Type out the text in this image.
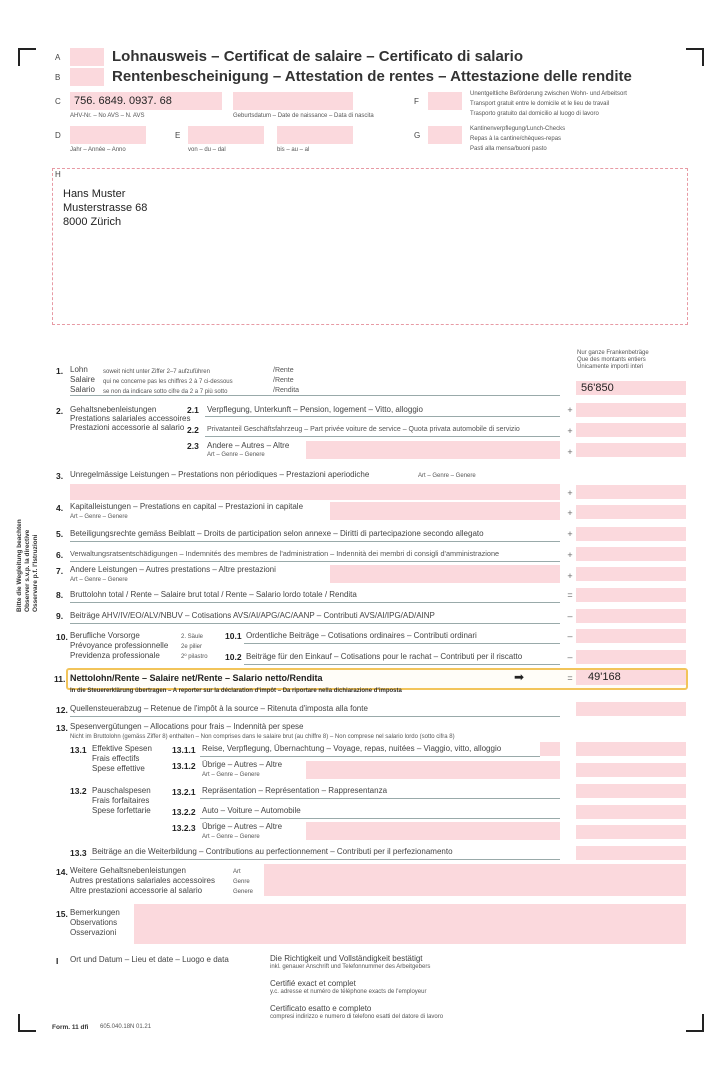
A	Lohnausweis – Certificat de salaire – Certificato di salario
B	Rentenbescheinigung – Attestation de rentes – Attestazione delle rendite
C 756. 6849. 0937. 68
AHV-Nr. – No AVS – N. AVS	Geburtsdatum – Date de naissance – Data di nascita
F
Unentgeltliche Beförderung zwischen Wohn- und Arbeitsort
Transport gratuit entre le domicile et le lieu de travail
Trasporto gratuito dal domicilio al luogo di lavoro
D
Jahr – Année – Anno
E
von – du – dal	bis – au – al
G
Kantinenverpflegung/Lunch-Checks
Repas à la cantine/chèques-repas
Pasti alla mensa/buoni pasto
H
Hans Muster
Musterstrasse 68
8000 Zürich
Bitte die Wegleitung beachten Observer s.v.p. la directive Osservare p.f. l'Istruzioni
Nur ganze Frankenbeträge
Que des montants entiers
Unicamente importi interi
1. Lohn
Salaire
Salario
soweit nicht unter Ziffer 2–7 aufzuführen
qui ne concerne pas les chiffres 2 à 7 ci-dessous
se non da indicare sotto cifre da 2 a 7 più sotto
/Rente
/Rente
/Rendita	56'850
2. Gehaltsnebenleistungen
Prestations salariales accessoires
Prestazioni accessorie al salario
2.1 Verpflegung, Unterkunft – Pension, logement – Vitto, alloggio	+
2.2 Privatanteil Geschäftsfahrzeug – Part privée voiture de service – Quota privata automobile di servizio	+
2.3 Andere – Autres – Altre
Art – Genre – Genere	+
3. Unregelmässige Leistungen – Prestations non périodiques – Prestazioni aperiodiche	Art – Genre – Genere
+
4. Kapitalleistungen – Prestations en capital – Prestazioni in capitale
Art – Genre – Genere	+
5. Beteiligungsrechte gemäss Beiblatt – Droits de participation selon annexe – Diritti di partecipazione secondo allegato	+
6. Verwaltungsratsentschädigungen – Indemnités des membres de l'administration – Indennità dei membri di consigli d'amministrazione	+
7. Andere Leistungen – Autres prestations – Altre prestazioni
Art – Genre – Genere	+
8. Bruttolohn total / Rente – Salaire brut total / Rente – Salario lordo totale / Rendita	=
9. Beiträge AHV/IV/EO/ALV/NBUV – Cotisations AVS/AI/APG/AC/AANP – Contributi AVS/AI/IPG/AD/AINP	–
10. Berufliche Vorsorge
Prévoyance professionnelle
Previdenza professionale
2. Säule
2e pilier
2º pilastro
10.1 Ordentliche Beiträge – Cotisations ordinaires – Contributi ordinari	–
10.2 Beiträge für den Einkauf – Cotisations pour le rachat – Contributi per il riscatto	–
11. Nettolohn/Rente – Salaire net/Rente – Salario netto/Rendita	➡	=	49'168
In die Steuererklärung übertragen – A reporter sur la déclaration d'impôt – Da riportare nella dichiarazione d'imposta
12. Quellensteuerabzug – Retenue de l'impôt à la source – Ritenuta d'imposta alla fonte
13. Spesenvergütungen – Allocations pour frais – Indennità per spese
Nicht im Bruttolohn (gemäss Ziffer 8) enthalten – Non comprises dans le salaire brut (au chiffre 8) – Non comprese nel salario lordo (sotto cifra 8)
13.1 Effektive Spesen
Frais effectifs
Spese effettive
13.1.1 Reise, Verpflegung, Übernachtung – Voyage, repas, nuitées – Viaggio, vitto, alloggio
13.1.2 Übrige – Autres – Altre
Art – Genre – Genere
13.2 Pauschalspesen
Frais forfaitaires
Spese forfettarie
13.2.1 Repräsentation – Représentation – Rappresentanza
13.2.2 Auto – Voiture – Automobile
13.2.3 Übrige – Autres – Altre
Art – Genre – Genere
13.3 Beiträge an die Weiterbildung – Contributions au perfectionnement – Contributi per il perfezionamento
14. Weitere Gehaltsnebenleistungen
Autres prestations salariales accessoires
Altre prestazioni accessorie al salario
Art
Genre
Genere
15. Bemerkungen
Observations
Osservazioni
I Ort und Datum – Lieu et date – Luogo e data	Die Richtigkeit und Vollständigkeit bestätigt
inkl. genauer Anschrift und Telefonnummer des Arbeitgebers
Certifié exact et complet
y.c. adresse et numéro de téléphone exacts de l'employeur
Certificato esatto e completo
compresi indirizzo e numero di telefono esatti del datore di lavoro
Form. 11 dfi 605.040.18N 01.21
